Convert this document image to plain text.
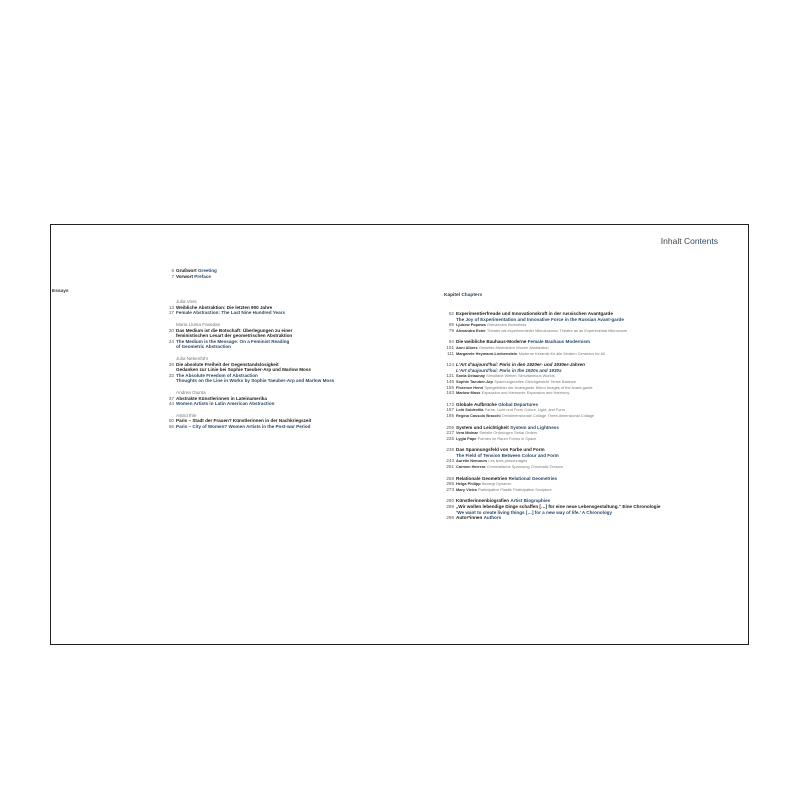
Inhalt Contents
6 Grußwort Greeting
7 Vorwort Preface
Essays
Julia Voss
13 Weibliche Abstraktion: Die letzten 900 Jahre
17 Female Abstraction: The Last Nine Hundred Years
Maria Lluïsa Faxedas
20 Das Medium ist die Botschaft: Überlegungen zu einer
feministischen Lesart der geometrischen Abstraktion
24 The Medium is the Message: On a Feminist Reading
of Geometric Abstraction
Julia Nebenführ
28 Die absolute Freiheit der Gegenstandslosigkeit
Gedanken zur Linie bei Sophie Taeuber-Arp und Marlow Moss
33 The Absolute Freedom of Abstraction
Thoughts on the Line in Works by Sophie Taeuber-Arp and Marlow Moss
Andrea Giunta
37 Abstrakte Künstlerinnen in Lateinamerika
44 Women Artists in Latin American Abstraction
Astrid Ihle
50 Paris – Stadt der Frauen? Künstlerinnen in der Nachkriegszeit
56 Paris – City of Women? Women Artists in the Post-war Period
Kapitel Chapters
62 Experimentierfreude und Innovationskraft in der russischen Avantgarde
The Joy of Experimentation and Innovative Force in the Russian Avant-garde
69 Ljubow Popowa Grenzenlos Boundless
79 Alexandra Exter Theater als experimenteller Mikrokosmos Theatre as an Experimental Microcosm
94 Die weibliche Bauhaus-Moderne Female Bauhaus Modernism
101 Anni Albers Gewebte Abstraktion Woven Abstraction
111 Margarete Heymann-Loebenstein Moderne Keramik für alle Modern Ceramics for All
124 L'Art d'aujourd'hui: Paris in den 1920er- und 1930er-Jahren
L'Art d'aujourd'hui: Paris in the 1920s and 1930s
131 Sonia Delaunay Simultane Welten Simultaneous Worlds
145 Sophie Taeuber-Arp Spannungsvolles Gleichgewicht Tense Balance
155 Florence Henri Spiegelbilder der Avantgarde Mirror Images of the Avant-garde
163 Marlow Moss Expansion und Harmonie Expansion and Harmony
172 Globale Aufbrüche Global Departures
187 Lolò Soldevilla Farbe, Licht und Form Colour, Light, and Form
195 Regina Cassolo Bracchi Dreidimensionale Collage Three-dimensional Collage
206 System und Leichtigkeit System and Lightness
217 Vera Molnar Serielle Ordnungen Serial Orders
225 Lygia Pape Formen im Raum Forms in Space
236 Das Spannungsfeld von Farbe und Form
The Field of Tension Between Colour and Form
243 Aurélie Nemours Les lices personnages
251 Carmen Herrera Chromatische Spannung Chromatic Tension
258 Relationale Geometrien Relational Geometries
265 Helga Philipp Bewegt Dynamic
273 Mary Vieira Partizipative Plastik Participative Sculpture
280 Künstlerinnenbiografien Artist Biographies
289 „Wir wollen lebendige Dinge schaffen […] für eine neue Lebensgestaltung.“ Eine Chronologie
‘We want to create living things […] for a new way of life.’ A Chronology
296 Autor*innen Authors
